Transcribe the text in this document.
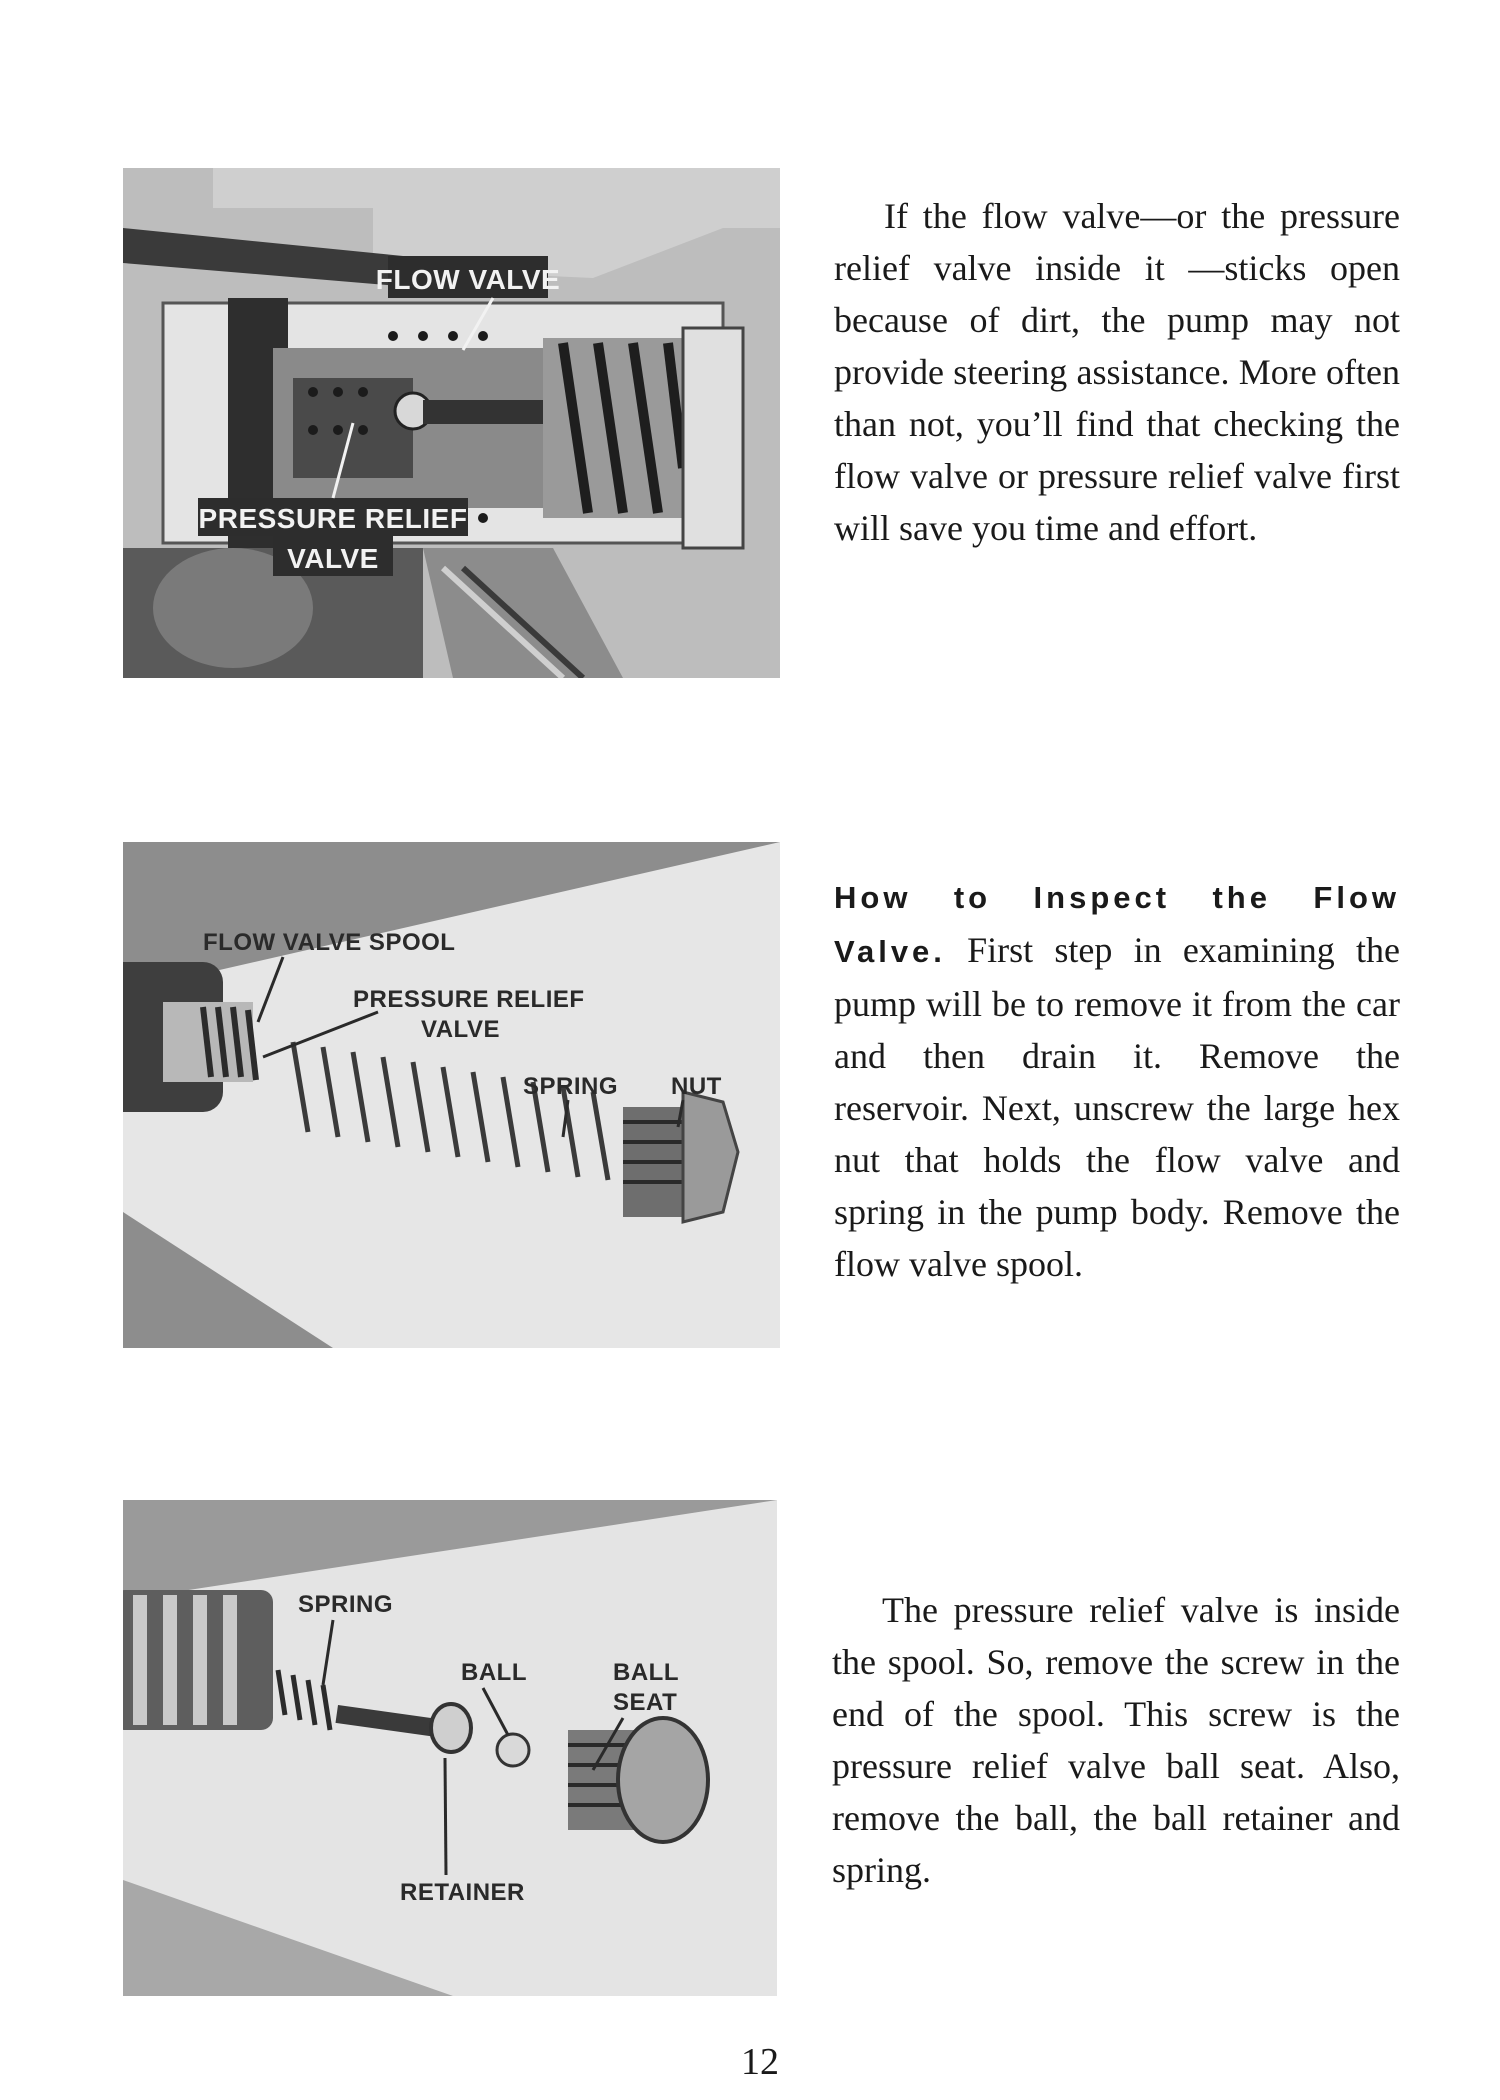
FLOW VALVE
PRESSURE RELIEF
VALVE

If the flow valve—or the pressure relief valve inside it —sticks open because of dirt, the pump may not provide steering assistance. More often than not, you’ll find that checking the flow valve or pressure relief valve first will save you time and effort.

FLOW VALVE SPOOL
PRESSURE RELIEF
VALVE
SPRING NUT

How to Inspect the Flow Valve. First step in examining the pump will be to remove it from the car and then drain it. Remove the reservoir. Next, unscrew the large hex nut that holds the flow valve and spring in the pump body. Remove the flow valve spool.

SPRING
BALL	BALL
SEAT
RETAINER

The pressure relief valve is inside the spool. So, remove the screw in the end of the spool. This screw is the pressure relief valve ball seat. Also, remove the ball, the ball retainer and spring.

12
